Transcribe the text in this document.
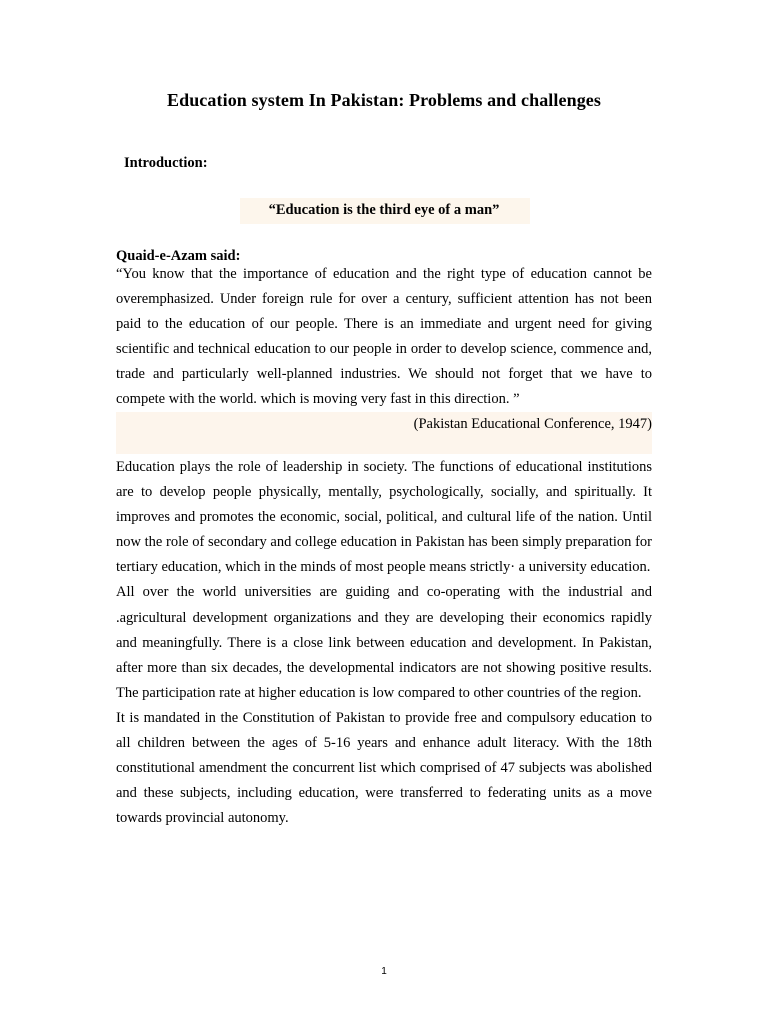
Education system In Pakistan: Problems and challenges
Introduction:
“Education is the third eye of a man”
Quaid-e-Azam said:

“You know that the importance of education and the right type of education cannot be overemphasized. Under foreign rule for over a century, sufficient attention has not been paid to the education of our people. There is an immediate and urgent need for giving scientific and technical education to our people in order to develop science, commence and, trade and particularly well-planned industries. We should not forget that we have to compete with the world. which is moving very fast in this direction. ”

(Pakistan Educational Conference, 1947)

Education plays the role of leadership in society. The functions of educational institutions are to develop people physically, mentally, psychologically, socially, and spiritually. It improves and promotes the economic, social, political, and cultural life of the nation. Until now the role of secondary and college education in Pakistan has been simply preparation for tertiary education, which in the minds of most people means strictly· a university education.

All over the world universities are guiding and co-operating with the industrial and .agricultural development organizations and they are developing their economics rapidly and meaningfully. There is a close link between education and development. In Pakistan, after more than six decades, the developmental indicators are not showing positive results. The participation rate at higher education is low compared to other countries of the region.

It is mandated in the Constitution of Pakistan to provide free and compulsory education to all children between the ages of 5-16 years and enhance adult literacy. With the 18th constitutional amendment the concurrent list which comprised of 47 subjects was abolished and these subjects, including education, were transferred to federating units as a move towards provincial autonomy.

1
